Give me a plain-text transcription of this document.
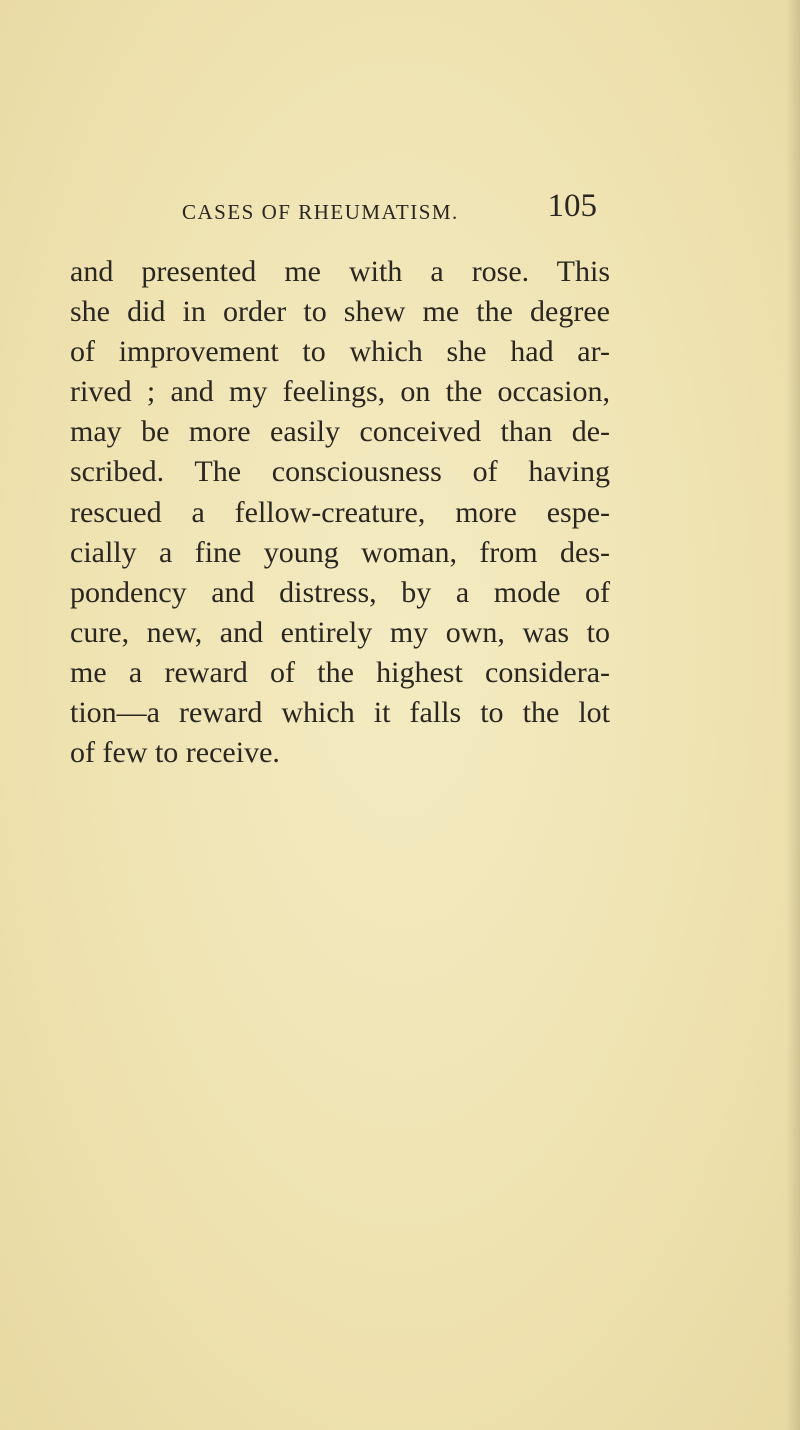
CASES OF RHEUMATISM.	105
and presented me with a rose. This
she did in order to shew me the degree
of improvement to which she had ar-
rived ; and my feelings, on the occasion,
may be more easily conceived than de-
scribed. The consciousness of having
rescued a fellow-creature, more espe-
cially a fine young woman, from des-
pondency and distress, by a mode of
cure, new, and entirely my own, was to
me a reward of the highest considera-
tion—a reward which it falls to the lot
of few to receive.
